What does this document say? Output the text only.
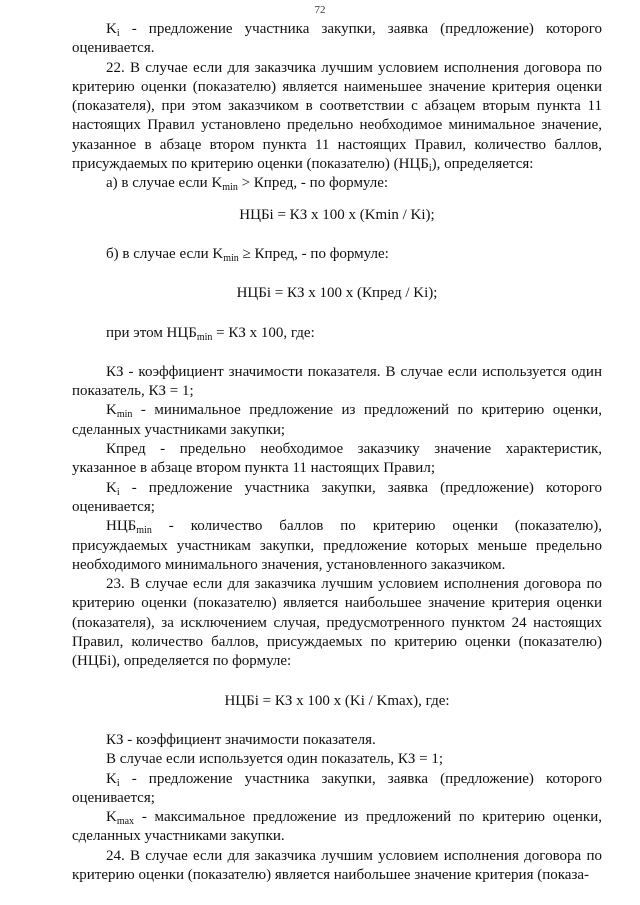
72

$K_i$ - предложение участника закупки, заявка (предложение) которого оценивается.

22. В случае если для заказчика лучшим условием исполнения договора по критерию оценки (показателю) является наименьшее значение критерия оценки (показателя), при этом заказчиком в соответствии с абзацем вторым пункта 11 настоящих Правил установлено предельно необходимое минимальное значение, указанное в абзаце втором пункта 11 настоящих Правил, количество баллов, присуждаемых по критерию оценки (показателю) $(НЦБ_i)$, определяется:

а) в случае если $K_{min}$ > Кпред, - по формуле:

НЦБi = КЗ x 100 x (Kmin / Ki);

б) в случае если $K_{min}$ ≥ Кпред, - по формуле:

НЦБi = КЗ x 100 x (Кпред / Ki);

при этом $НЦБ_{min}$ = КЗ x 100, где:

КЗ - коэффициент значимости показателя. В случае если используется один показатель, КЗ = 1;

$K_{min}$ - минимальное предложение из предложений по критерию оценки, сделанных участниками закупки;

Кпред - предельно необходимое заказчику значение характеристик, указанное в абзаце втором пункта 11 настоящих Правил;

$K_i$ - предложение участника закупки, заявка (предложение) которого оценивается;

$НЦБ_{min}$ - количество баллов по критерию оценки (показателю), присуждаемых участникам закупки, предложение которых меньше предельно необходимого минимального значения, установленного заказчиком.

23. В случае если для заказчика лучшим условием исполнения договора по критерию оценки (показателю) является наибольшее значение критерия оценки (показателя), за исключением случая, предусмотренного пунктом 24 настоящих Правил, количество баллов, присуждаемых по критерию оценки (показателю) (НЦБi), определяется по формуле:

НЦБi = КЗ x 100 x (Ki / Kmax), где:

КЗ - коэффициент значимости показателя.

В случае если используется один показатель, КЗ = 1;

$K_i$ - предложение участника закупки, заявка (предложение) которого оценивается;

$K_{max}$ - максимальное предложение из предложений по критерию оценки, сделанных участниками закупки.

24. В случае если для заказчика лучшим условием исполнения договора по критерию оценки (показателю) является наибольшее значение критерия (показа-
